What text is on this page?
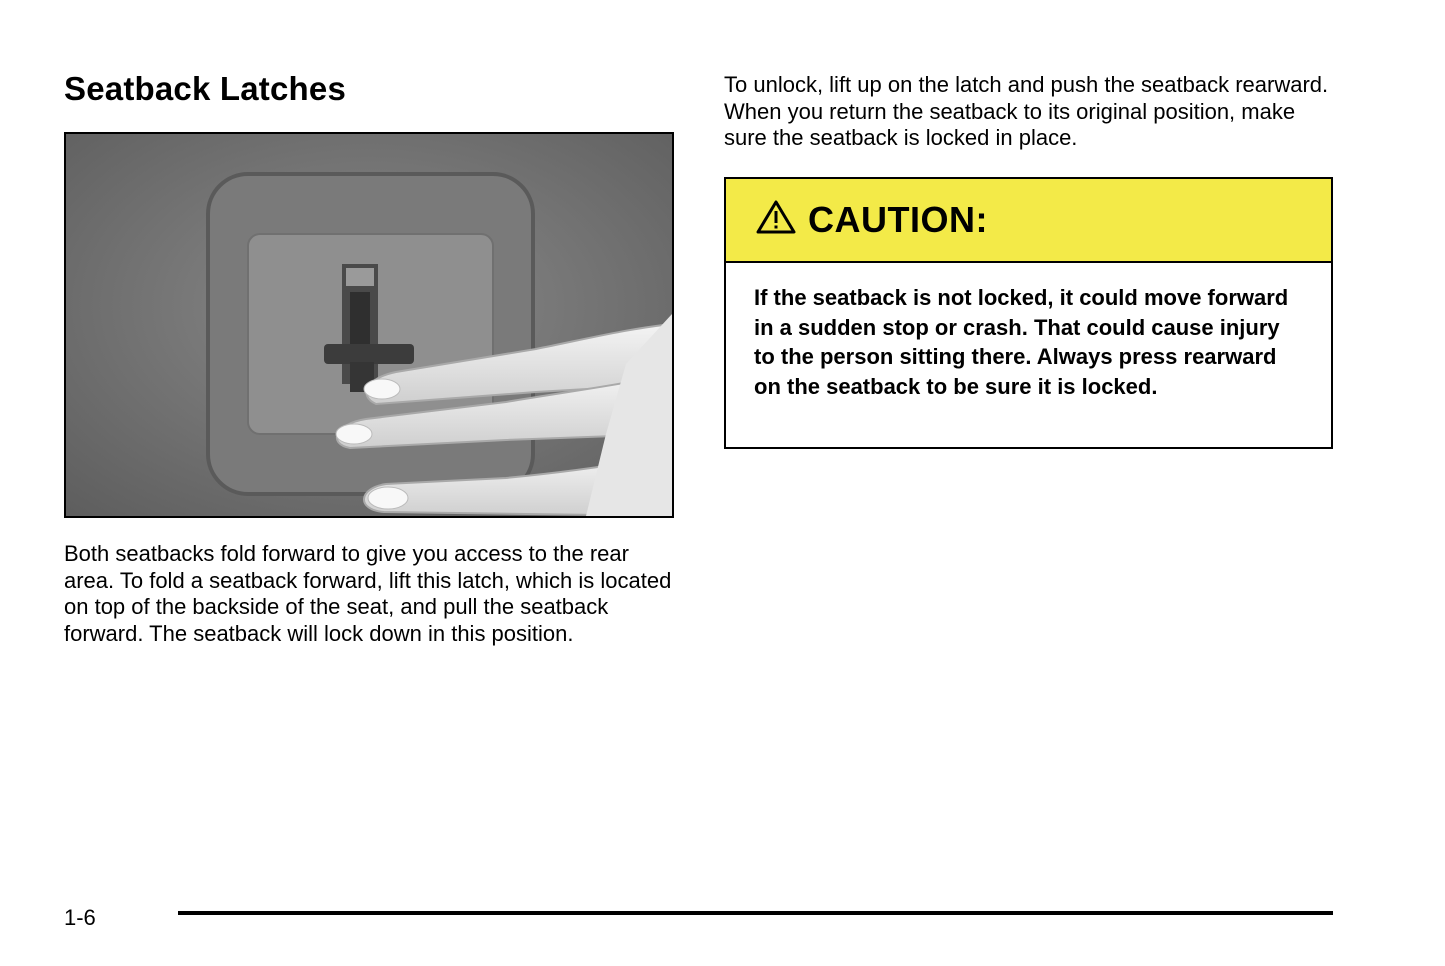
Seatback Latches

Both seatbacks fold forward to give you access to the rear area. To fold a seatback forward, lift this latch, which is located on top of the backside of the seat, and pull the seatback forward. The seatback will lock down in this position.

To unlock, lift up on the latch and push the seatback rearward. When you return the seatback to its original position, make sure the seatback is locked in place.

CAUTION:

If the seatback is not locked, it could move forward in a sudden stop or crash. That could cause injury to the person sitting there. Always press rearward on the seatback to be sure it is locked.

1-6
